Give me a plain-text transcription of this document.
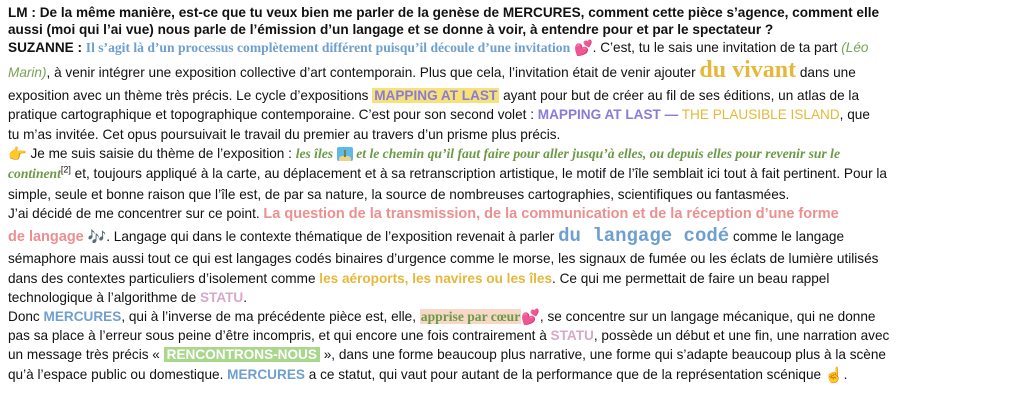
LM : De la même manière, est-ce que tu veux bien me parler de la genèse de MERCURES, comment cette pièce s’agence, comment elle
aussi (moi qui l’ai vue) nous parle de l’émission d’un langage et se donne à voir, à entendre pour et par le spectateur ?
SUZANNE : Il s’agit là d’un processus complètement différent puisqu’il découle d’une invitation 💕. C’est, tu le sais une invitation de ta part (Léo
Marin), à venir intégrer une exposition collective d’art contemporain. Plus que cela, l’invitation était de venir ajouter du vivant dans une
exposition avec un thème très précis. Le cycle d’expositions MAPPING AT LAST ayant pour but de créer au fil de ses éditions, un atlas de la
pratique cartographique et topographique contemporaine. C’est pour son second volet : MAPPING AT LAST — THE PLAUSIBLE ISLAND, que
tu m’as invitée. Cet opus poursuivait le travail du premier au travers d’un prisme plus précis.
👉 Je me suis saisie du thème de l’exposition : les îles  et le chemin qu’il faut faire pour aller jusqu’à elles, ou depuis elles pour revenir sur le
continent[2] et, toujours appliqué à la carte, au déplacement et à sa retranscription artistique, le motif de l’île semblait ici tout à fait pertinent. Pour la
simple, seule et bonne raison que l’île est, de par sa nature, la source de nombreuses cartographies, scientifiques ou fantasmées.
J’ai décidé de me concentrer sur ce point. La question de la transmission, de la communication et de la réception d’une forme
de langage 🎶. Langage qui dans le contexte thématique de l’exposition revenait à parler du langage codé comme le langage
sémaphore mais aussi tout ce qui est langages codés binaires d’urgence comme le morse, les signaux de fumée ou les éclats de lumière utilisés
dans des contextes particuliers d’isolement comme les aéroports, les navires ou les îles. Ce qui me permettait de faire un beau rappel
technologique à l’algorithme de STATU.
Donc MERCURES, qui à l’inverse de ma précédente pièce est, elle, apprise par cœur💕, se concentre sur un langage mécanique, qui ne donne
pas sa place à l’erreur sous peine d’être incompris, et qui encore une fois contrairement à STATU, possède un début et une fin, une narration avec
un message très précis « RENCONTRONS-NOUS », dans une forme beaucoup plus narrative, une forme qui s’adapte beaucoup plus à la scène
qu’à l’espace public ou domestique. MERCURES a ce statut, qui vaut pour autant de la performance que de la représentation scénique ☝.
